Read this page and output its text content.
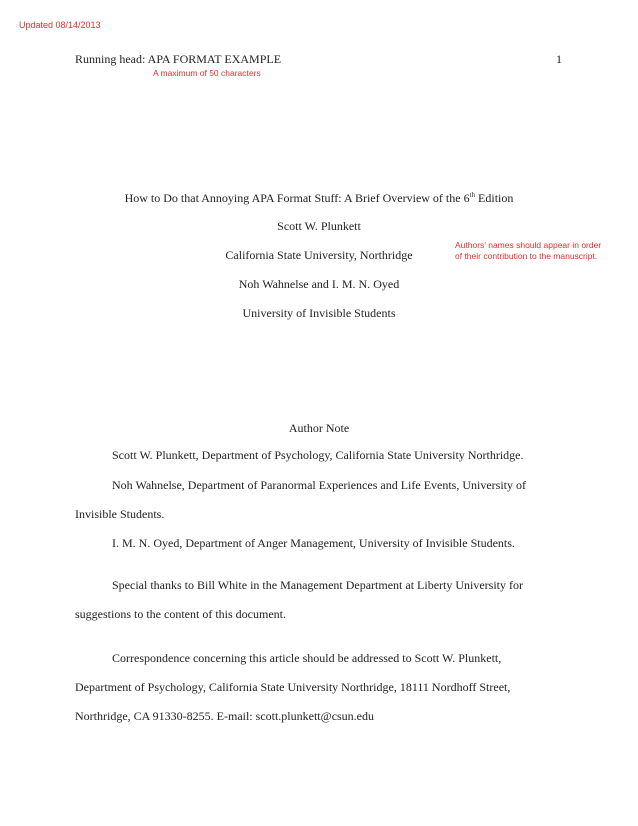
Updated 08/14/2013
Running head: APA FORMAT EXAMPLE	1
A maximum of 50 characters
How to Do that Annoying APA Format Stuff: A Brief Overview of the 6th Edition
Scott W. Plunkett
California State University, Northridge
Authors’ names should appear in order of their contribution to the manuscript.
Noh Wahnelse and I. M. N. Oyed
University of Invisible Students
Author Note
Scott W. Plunkett, Department of Psychology, California State University Northridge.
Noh Wahnelse, Department of Paranormal Experiences and Life Events, University of Invisible Students.
I. M. N. Oyed, Department of Anger Management, University of Invisible Students.
Special thanks to Bill White in the Management Department at Liberty University for suggestions to the content of this document.
Correspondence concerning this article should be addressed to Scott W. Plunkett, Department of Psychology, California State University Northridge, 18111 Nordhoff Street, Northridge, CA 91330-8255. E-mail: scott.plunkett@csun.edu
